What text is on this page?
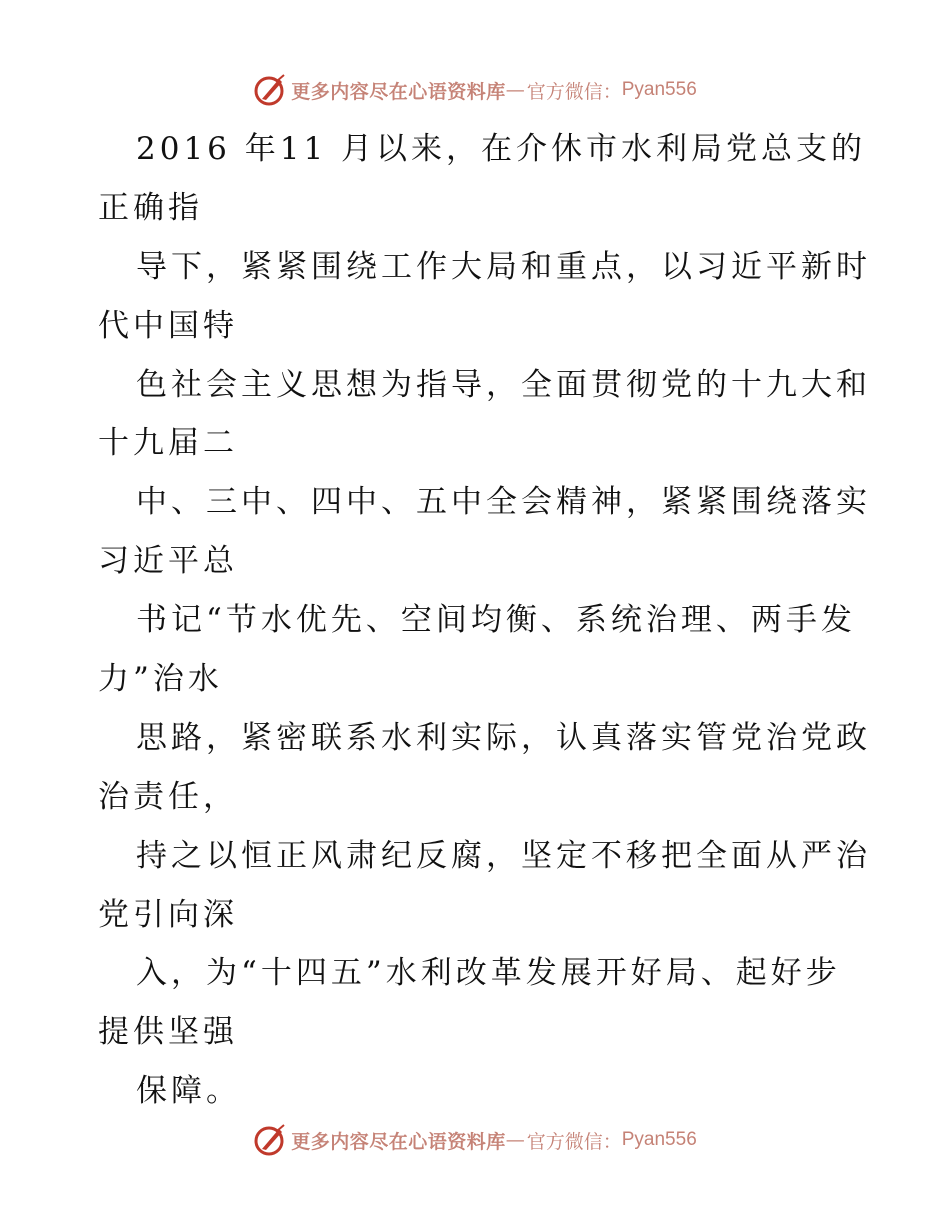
更多内容尽在心语资料库 — 官方微信： Pyan556
2016 年11 月以来，在介休市水利局党总支的
正确指
导下，紧紧围绕工作大局和重点，以习近平新时
代中国特
色社会主义思想为指导，全面贯彻党的十九大和
十九届二
中、三中、四中、五中全会精神，紧紧围绕落实
习近平总
书记“节水优先、空间均衡、系统治理、两手发
力”治水
思路，紧密联系水利实际，认真落实管党治党政
治责任，
持之以恒正风肃纪反腐，坚定不移把全面从严治
党引向深
入，为“十四五”水利改革发展开好局、起好步
提供坚强
保障。
更多内容尽在心语资料库 — 官方微信： Pyan556
